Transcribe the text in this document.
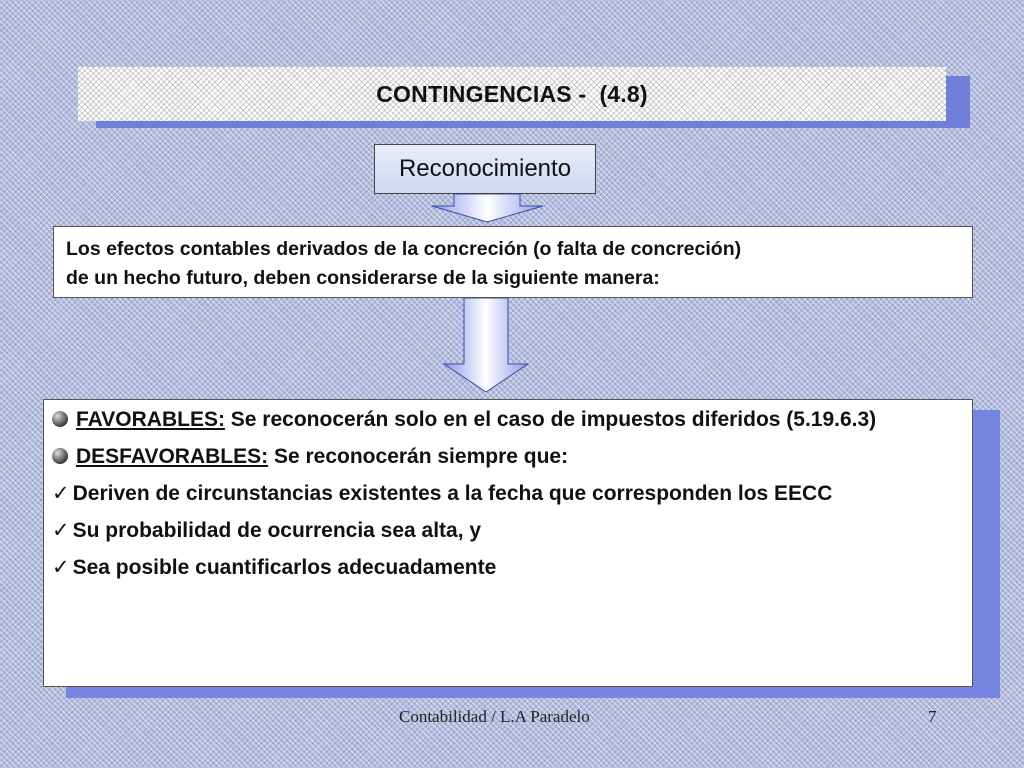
CONTINGENCIAS - (4.8)
Reconocimiento
Los efectos contables derivados de la concreción (o falta de concreción)
de un hecho futuro, deben considerarse de la siguiente manera:
FAVORABLES: Se reconocerán solo en el caso de impuestos diferidos (5.19.6.3)
DESFAVORABLES: Se reconocerán siempre que:
✓ Deriven de circunstancias existentes a la fecha que corresponden los EECC
✓ Su probabilidad de ocurrencia sea alta, y
✓ Sea posible cuantificarlos adecuadamente
Contabilidad / L.A Paradelo	7
